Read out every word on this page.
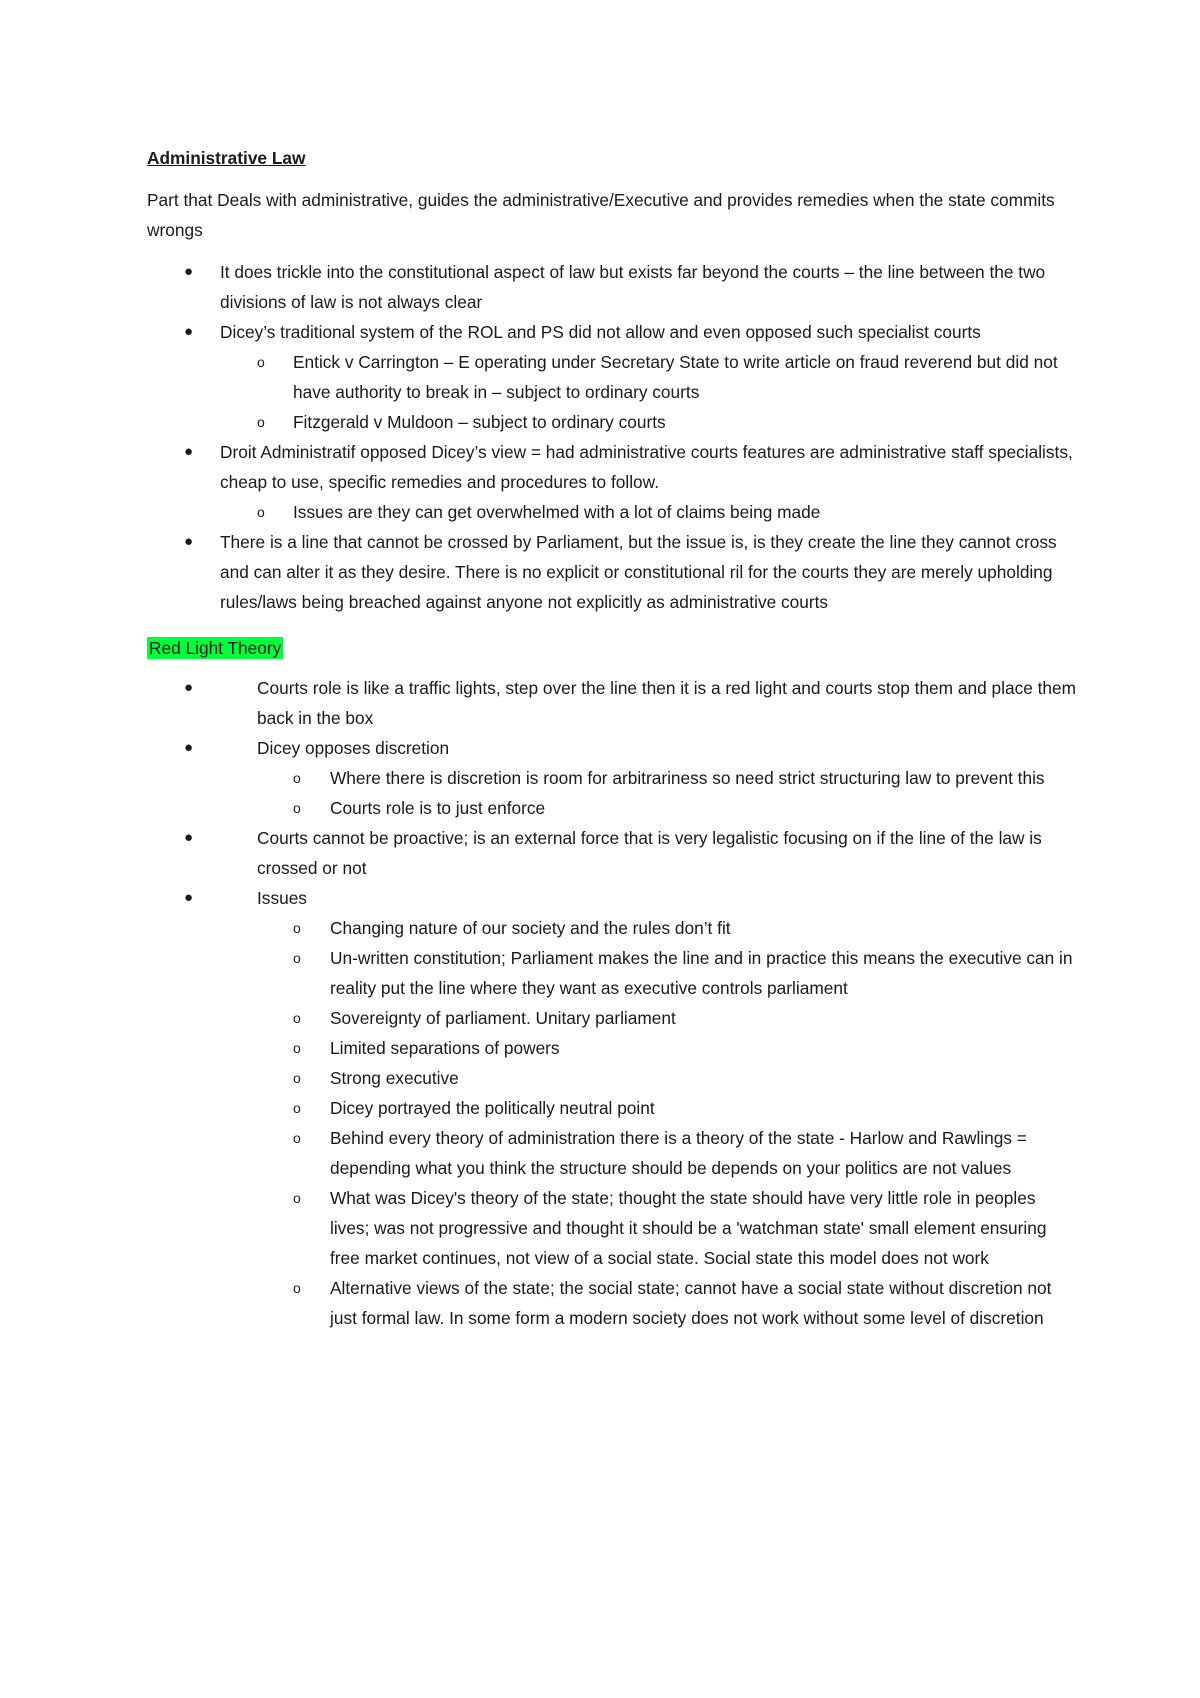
Administrative Law
Part that Deals with administrative, guides the administrative/Executive and provides remedies when the state commits wrongs
● It does trickle into the constitutional aspect of law but exists far beyond the courts – the line between the two divisions of law is not always clear
● Dicey’s traditional system of the ROL and PS did not allow and even opposed such specialist courts
o Entick v Carrington – E operating under Secretary State to write article on fraud reverend but did not have authority to break in – subject to ordinary courts
o Fitzgerald v Muldoon – subject to ordinary courts
● Droit Administratif opposed Dicey’s view = had administrative courts features are administrative staff specialists, cheap to use, specific remedies and procedures to follow.
o Issues are they can get overwhelmed with a lot of claims being made
● There is a line that cannot be crossed by Parliament, but the issue is, is they create the line they cannot cross and can alter it as they desire. There is no explicit or constitutional ril for the courts they are merely upholding rules/laws being breached against anyone not explicitly as administrative courts
Red Light Theory
●	Courts role is like a traffic lights, step over the line then it is a red light and courts stop them and place them back in the box
●	Dicey opposes discretion
o Where there is discretion is room for arbitrariness so need strict structuring law to prevent this
o Courts role is to just enforce
●	Courts cannot be proactive; is an external force that is very legalistic focusing on if the line of the law is crossed or not
●	Issues
o Changing nature of our society and the rules don’t fit
o Un-written constitution; Parliament makes the line and in practice this means the executive can in reality put the line where they want as executive controls parliament
o Sovereignty of parliament. Unitary parliament
o Limited separations of powers
o Strong executive
o Dicey portrayed the politically neutral point
o Behind every theory of administration there is a theory of the state - Harlow and Rawlings = depending what you think the structure should be depends on your politics are not values
o What was Dicey's theory of the state; thought the state should have very little role in peoples lives; was not progressive and thought it should be a 'watchman state' small element ensuring free market continues, not view of a social state. Social state this model does not work
o Alternative views of the state; the social state; cannot have a social state without discretion not just formal law. In some form a modern society does not work without some level of discretion
